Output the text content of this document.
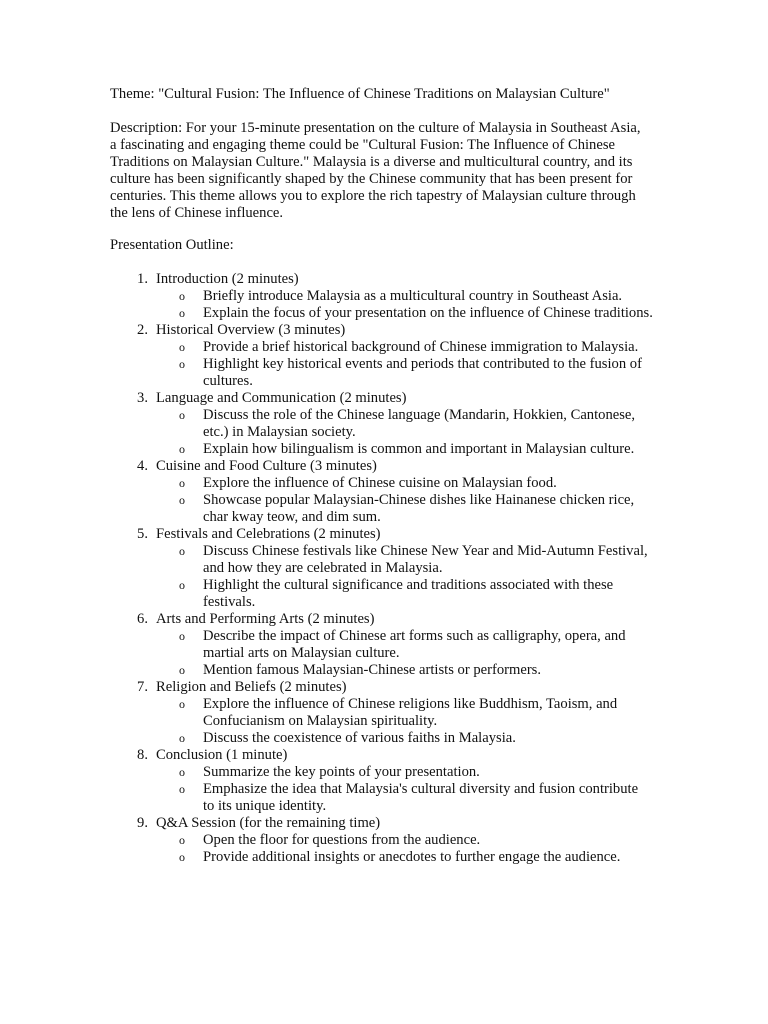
Theme: "Cultural Fusion: The Influence of Chinese Traditions on Malaysian Culture"
Description: For your 15-minute presentation on the culture of Malaysia in Southeast Asia, a fascinating and engaging theme could be "Cultural Fusion: The Influence of Chinese Traditions on Malaysian Culture." Malaysia is a diverse and multicultural country, and its culture has been significantly shaped by the Chinese community that has been present for centuries. This theme allows you to explore the rich tapestry of Malaysian culture through the lens of Chinese influence.
Presentation Outline:
1. Introduction (2 minutes)
o Briefly introduce Malaysia as a multicultural country in Southeast Asia.
o Explain the focus of your presentation on the influence of Chinese traditions.
2. Historical Overview (3 minutes)
o Provide a brief historical background of Chinese immigration to Malaysia.
o Highlight key historical events and periods that contributed to the fusion of cultures.
3. Language and Communication (2 minutes)
o Discuss the role of the Chinese language (Mandarin, Hokkien, Cantonese, etc.) in Malaysian society.
o Explain how bilingualism is common and important in Malaysian culture.
4. Cuisine and Food Culture (3 minutes)
o Explore the influence of Chinese cuisine on Malaysian food.
o Showcase popular Malaysian-Chinese dishes like Hainanese chicken rice, char kway teow, and dim sum.
5. Festivals and Celebrations (2 minutes)
o Discuss Chinese festivals like Chinese New Year and Mid-Autumn Festival, and how they are celebrated in Malaysia.
o Highlight the cultural significance and traditions associated with these festivals.
6. Arts and Performing Arts (2 minutes)
o Describe the impact of Chinese art forms such as calligraphy, opera, and martial arts on Malaysian culture.
o Mention famous Malaysian-Chinese artists or performers.
7. Religion and Beliefs (2 minutes)
o Explore the influence of Chinese religions like Buddhism, Taoism, and Confucianism on Malaysian spirituality.
o Discuss the coexistence of various faiths in Malaysia.
8. Conclusion (1 minute)
o Summarize the key points of your presentation.
o Emphasize the idea that Malaysia's cultural diversity and fusion contribute to its unique identity.
9. Q&A Session (for the remaining time)
o Open the floor for questions from the audience.
o Provide additional insights or anecdotes to further engage the audience.
